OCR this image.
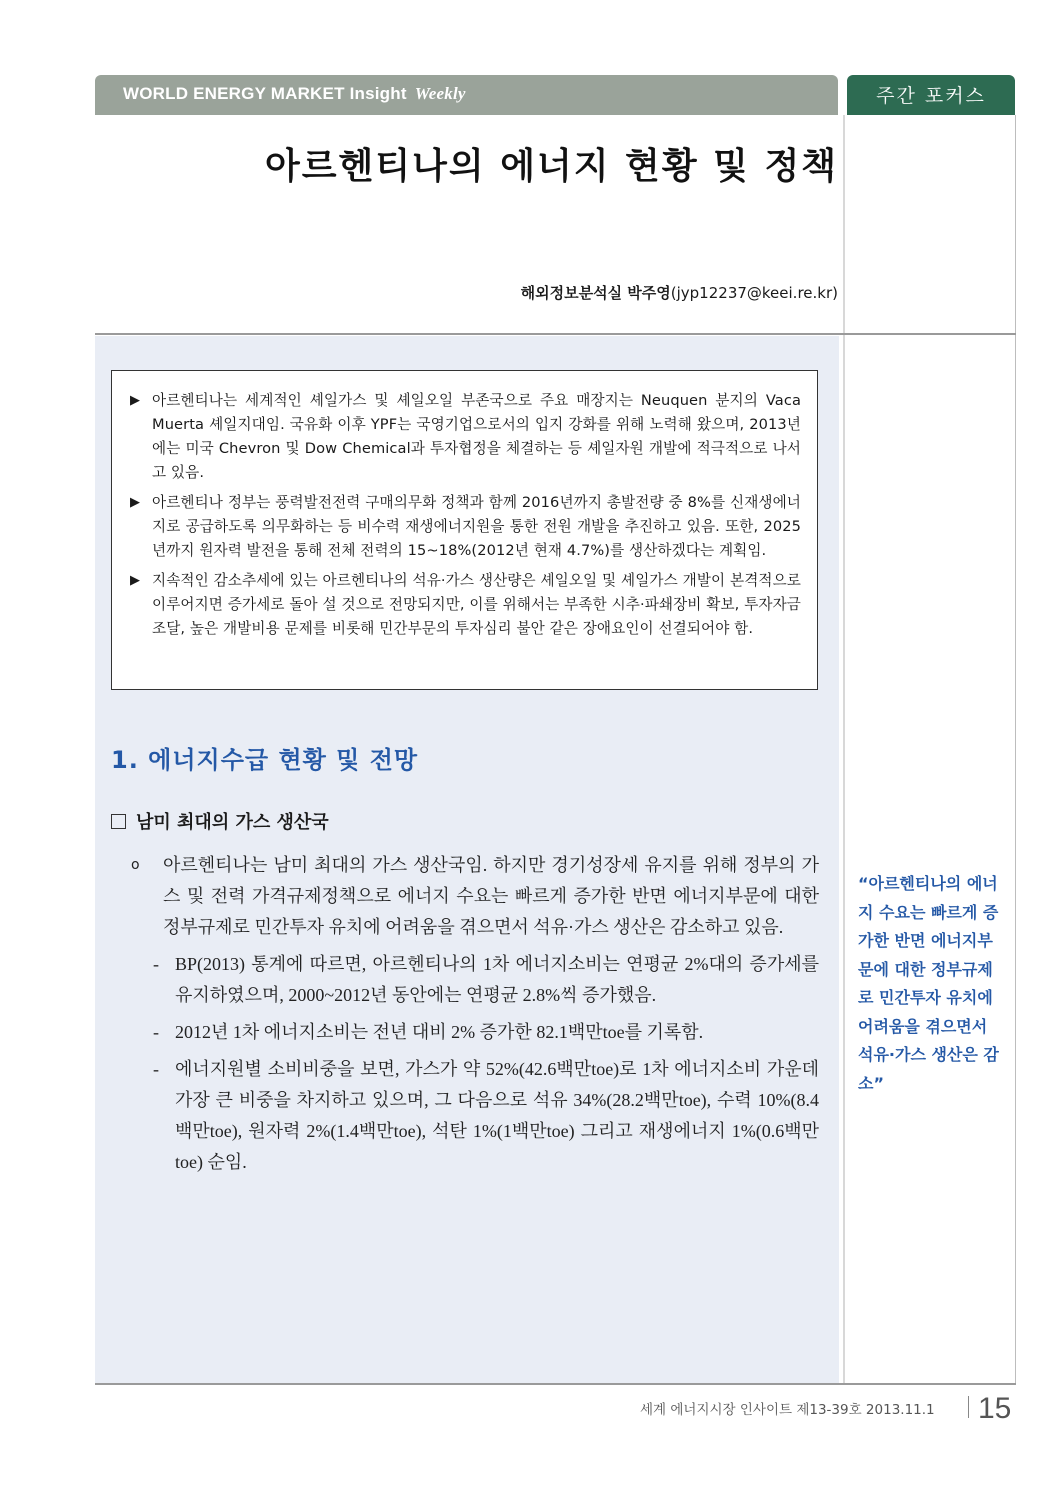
WORLD ENERGY MARKET Insight Weekly	주간 포커스
아르헨티나의 에너지 현황 및 정책
해외정보분석실 박주영(jyp12237@keei.re.kr)
▶ 아르헨티나는 세계적인 셰일가스 및 셰일오일 부존국으로 주요 매장지는 Neuquen 분지의 Vaca Muerta 셰일지대임. 국유화 이후 YPF는 국영기업으로서의 입지 강화를 위해 노력해 왔으며, 2013년에는 미국 Chevron 및 Dow Chemical과 투자협정을 체결하는 등 셰일자원 개발에 적극적으로 나서고 있음.
▶ 아르헨티나 정부는 풍력발전전력 구매의무화 정책과 함께 2016년까지 총발전량 중 8%를 신재생에너지로 공급하도록 의무화하는 등 비수력 재생에너지원을 통한 전원 개발을 추진하고 있음. 또한, 2025년까지 원자력 발전을 통해 전체 전력의 15~18%(2012년 현재 4.7%)를 생산하겠다는 계획임.
▶ 지속적인 감소추세에 있는 아르헨티나의 석유·가스 생산량은 셰일오일 및 셰일가스 개발이 본격적으로 이루어지면 증가세로 돌아 설 것으로 전망되지만, 이를 위해서는 부족한 시추·파쇄장비 확보, 투자자금 조달, 높은 개발비용 문제를 비롯해 민간부문의 투자심리 불안 같은 장애요인이 선결되어야 함.
1. 에너지수급 현황 및 전망
남미 최대의 가스 생산국
o	아르헨티나는 남미 최대의 가스 생산국임. 하지만 경기성장세 유지를 위해 정부의 가스 및 전력 가격규제정책으로 에너지 수요는 빠르게 증가한 반면 에너지부문에 대한 정부규제로 민간투자 유치에 어려움을 겪으면서 석유·가스 생산은 감소하고 있음.
- BP(2013) 통계에 따르면, 아르헨티나의 1차 에너지소비는 연평균 2%대의 증가세를 유지하였으며, 2000~2012년 동안에는 연평균 2.8%씩 증가했음.
- 2012년 1차 에너지소비는 전년 대비 2% 증가한 82.1백만toe를 기록함.
- 에너지원별 소비비중을 보면, 가스가 약 52%(42.6백만toe)로 1차 에너지소비 가운데 가장 큰 비중을 차지하고 있으며, 그 다음으로 석유 34%(28.2백만toe), 수력 10%(8.4백만toe), 원자력 2%(1.4백만toe), 석탄 1%(1백만toe) 그리고 재생에너지 1%(0.6백만toe) 순임.
“아르헨티나의 에너지 수요는 빠르게 증가한 반면 에너지부문에 대한 정부규제로 민간투자 유치에 어려움을 겪으면서 석유·가스 생산은 감소”
세계 에너지시장 인사이트 제13-39호 2013.11.1 15
